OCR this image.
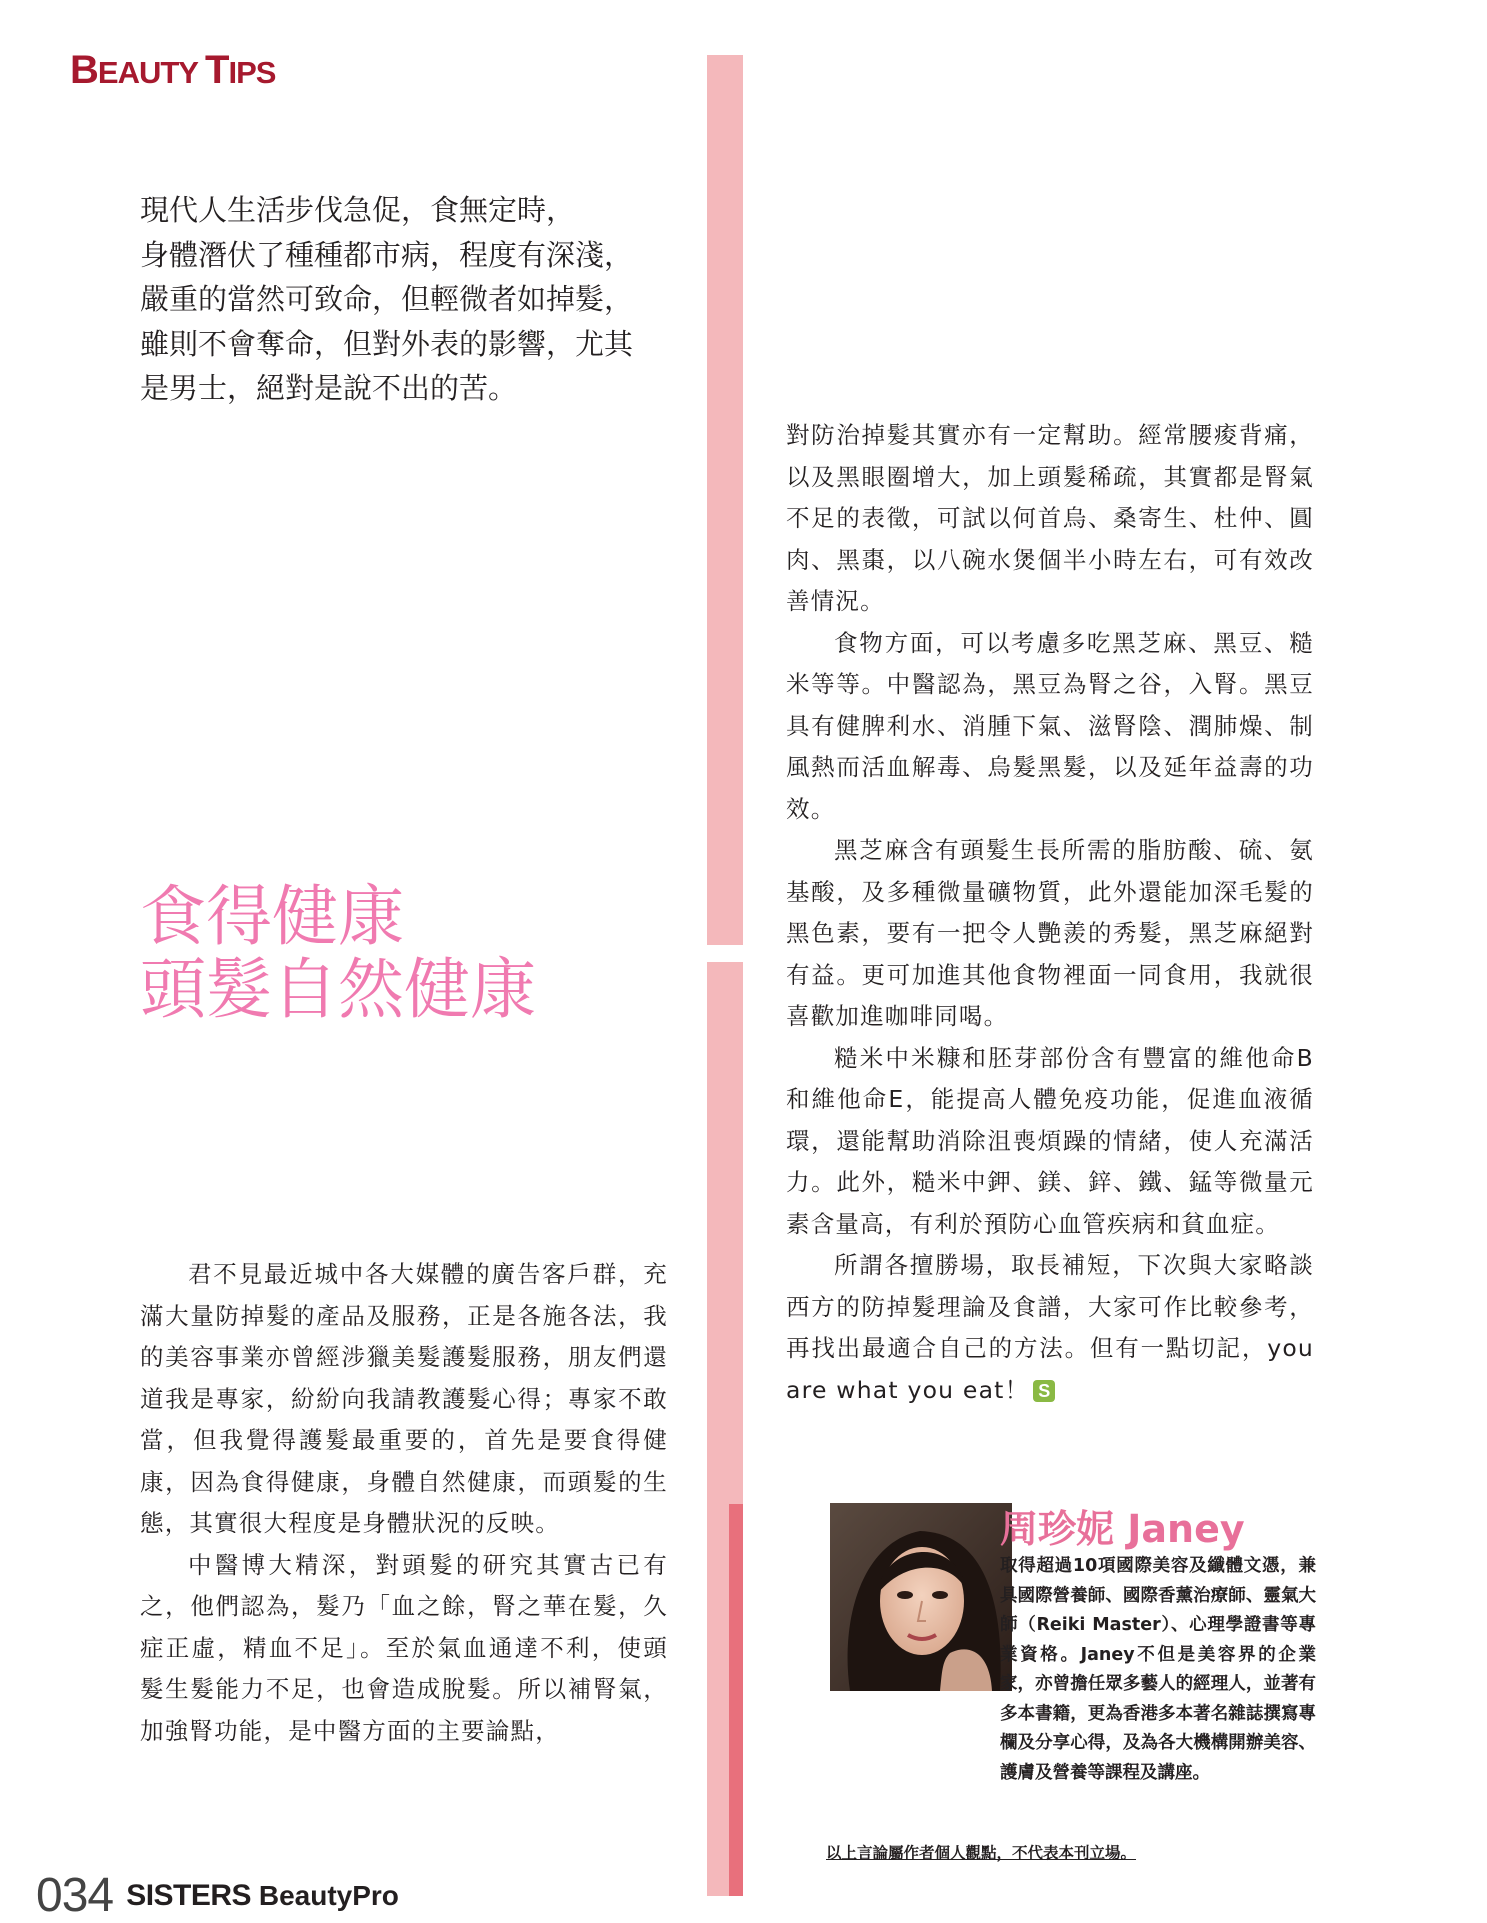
BEAUTY TIPS

現代人生活步伐急促，食無定時，

身體潛伏了種種都市病，程度有深淺，

嚴重的當然可致命，但輕微者如掉髮，

雖則不會奪命，但對外表的影響，尤其

是男士，絕對是說不出的苦。

食得健康
頭髮自然健康

君不見最近城中各大媒體的廣告客戶群，充滿大量防掉髮的產品及服務，正是各施各法，我的美容事業亦曾經涉獵美髮護髮服務，朋友們還道我是專家，紛紛向我請教護髮心得；專家不敢當，但我覺得護髮最重要的，首先是要食得健康，因為食得健康，身體自然健康，而頭髮的生態，其實很大程度是身體狀況的反映。

中醫博大精深，對頭髮的研究其實古已有之，他們認為，髮乃「血之餘，腎之華在髮，久症正虛，精血不足」。至於氣血通達不利，使頭髮生髮能力不足，也會造成脫髮。所以補腎氣，加強腎功能，是中醫方面的主要論點，

對防治掉髮其實亦有一定幫助。經常腰痠背痛，以及黑眼圈增大，加上頭髮稀疏，其實都是腎氣不足的表徵，可試以何首烏、桑寄生、杜仲、圓肉、黑棗，以八碗水煲個半小時左右，可有效改善情況。

食物方面，可以考慮多吃黑芝麻、黑豆、糙米等等。中醫認為，黑豆為腎之谷，入腎。黑豆具有健脾利水、消腫下氣、滋腎陰、潤肺燥、制風熱而活血解毒、烏髮黑髮，以及延年益壽的功效。

黑芝麻含有頭髮生長所需的脂肪酸、硫、氨基酸，及多種微量礦物質，此外還能加深毛髮的黑色素，要有一把令人艷羨的秀髮，黑芝麻絕對有益。更可加進其他食物裡面一同食用，我就很喜歡加進咖啡同喝。

糙米中米糠和胚芽部份含有豐富的維他命B和維他命E，能提高人體免疫功能，促進血液循環，還能幫助消除沮喪煩躁的情緒，使人充滿活力。此外，糙米中鉀、鎂、鋅、鐵、錳等微量元素含量高，有利於預防心血管疾病和貧血症。

所謂各擅勝場，取長補短，下次與大家略談西方的防掉髮理論及食譜，大家可作比較參考，再找出最適合自己的方法。但有一點切記，you are what you eat！ S

周珍妮 Janey
取得超過10項國際美容及纖體文憑，兼具國際營養師、國際香薰治療師、靈氣大師（Reiki Master）、心理學證書等專業資格。Janey不但是美容界的企業家，亦曾擔任眾多藝人的經理人，並著有多本書籍，更為香港多本著名雜誌撰寫專欄及分享心得，及為各大機構開辦美容、護膚及營養等課程及講座。
以上言論屬作者個人觀點，不代表本刊立場。
034 SISTERS BeautyPro
